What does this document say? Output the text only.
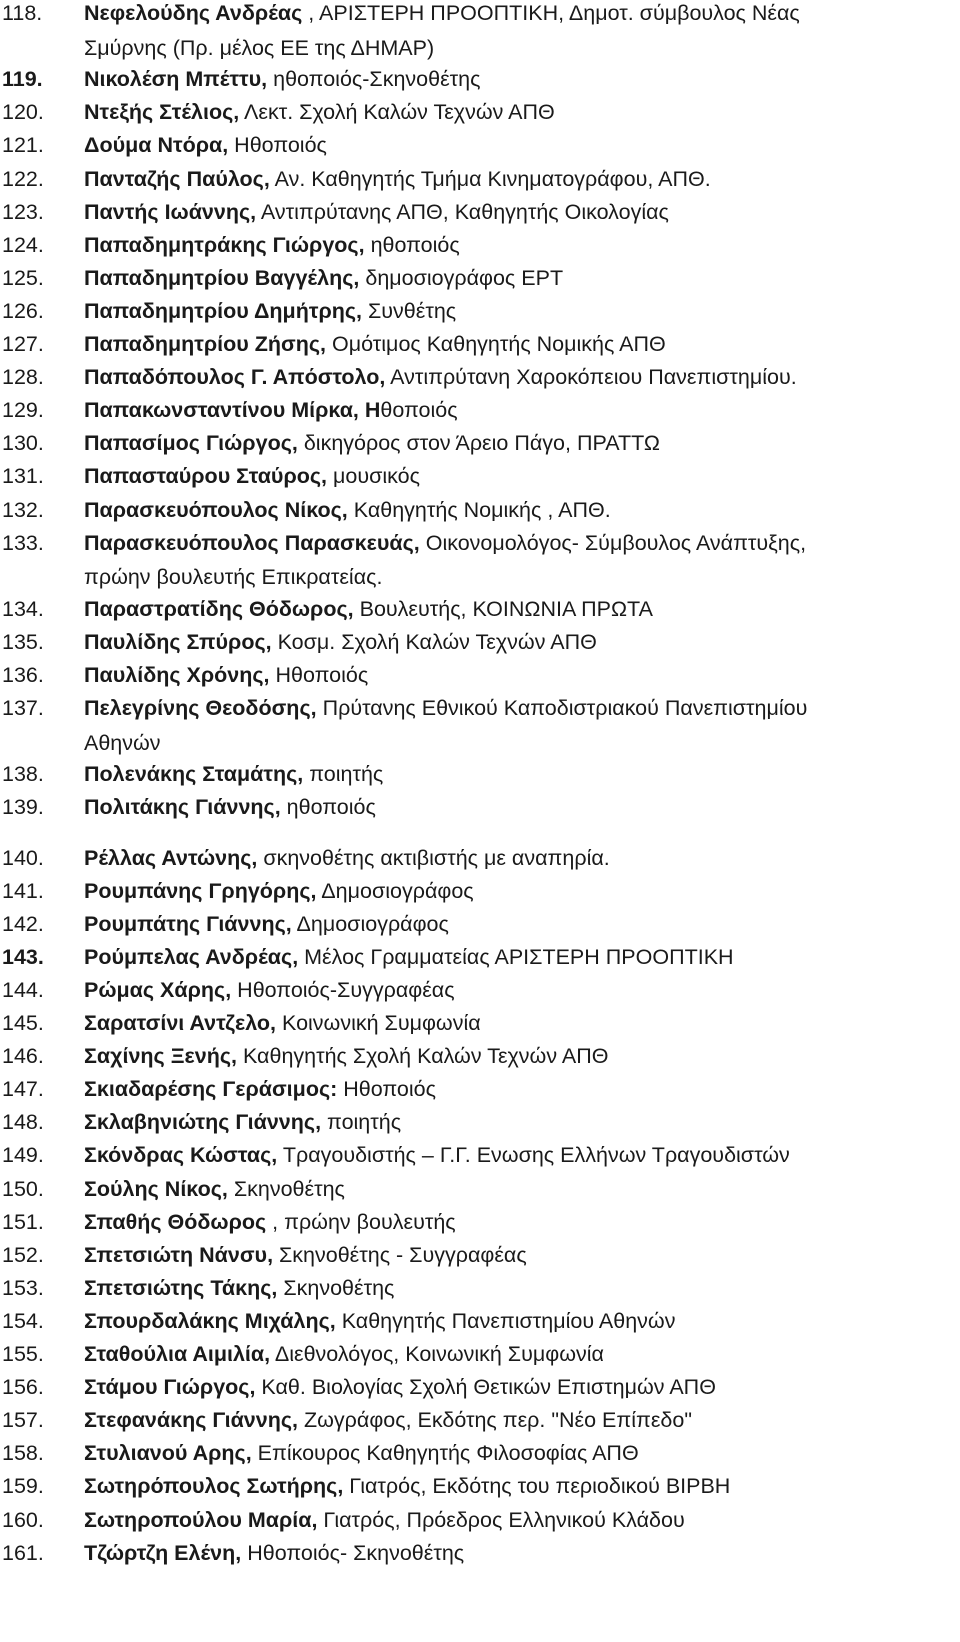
118.	Νεφελούδης Ανδρέας , ΑΡΙΣΤΕΡΗ ΠΡΟΟΠΤΙΚΗ, Δημοτ. σύμβουλος Νέας
Σμύρνης (Πρ. μέλος ΕΕ της ΔΗΜΑΡ)
119.	Νικολέση Μπέττυ, ηθοποιός-Σκηνοθέτης
120.	Ντεξής Στέλιος, Λεκτ. Σχολή Καλών Τεχνών ΑΠΘ
121.	Δούμα Ντόρα, Ηθοποιός
122.	Πανταζής Παύλος, Αν. Καθηγητής Τμήμα Κινηματογράφου, ΑΠΘ.
123.	Παντής Ιωάννης, Αντιπρύτανης ΑΠΘ, Καθηγητής Οικολογίας
124.	Παπαδημητράκης Γιώργος, ηθοποιός
125.	Παπαδημητρίου Βαγγέλης, δημοσιογράφος ΕΡΤ
126.	Παπαδημητρίου Δημήτρης, Συνθέτης
127.	Παπαδημητρίου Ζήσης, Ομότιμος Καθηγητής Νομικής ΑΠΘ
128.	Παπαδόπουλος Γ. Απόστολο, Αντιπρύτανη Χαροκόπειου Πανεπιστημίου.
129.	Παπακωνσταντίνου Μίρκα, Ηθοποιός
130.	Παπασίμος Γιώργος, δικηγόρος στον Άρειο Πάγο, ΠΡΑΤΤΩ
131.	Παπασταύρου Σταύρος, μουσικός
132.	Παρασκευόπουλος Νίκος, Καθηγητής Νομικής , ΑΠΘ.
133.	Παρασκευόπουλος Παρασκευάς, Οικονομολόγος- Σύμβουλος Ανάπτυξης,
πρώην βουλευτής Επικρατείας.
134.	Παραστρατίδης Θόδωρος, Βουλευτής, ΚΟΙΝΩΝΙΑ ΠΡΩΤΑ
135.	Παυλίδης Σπύρος, Κοσμ. Σχολή Καλών Τεχνών ΑΠΘ
136.	Παυλίδης Χρόνης, Ηθοποιός
137.	Πελεγρίνης Θεοδόσης, Πρύτανης Εθνικού Καποδιστριακού Πανεπιστημίου
Αθηνών
138.	Πολενάκης Σταμάτης, ποιητής
139.	Πολιτάκης Γιάννης, ηθοποιός
140.	Ρέλλας Αντώνης, σκηνοθέτης ακτιβιστής με αναπηρία.
141.	Ρουμπάνης Γρηγόρης, Δημοσιογράφος
142.	Ρουμπάτης Γιάννης, Δημοσιογράφος
143.	Ρούμπελας Ανδρέας, Μέλος Γραμματείας ΑΡΙΣΤΕΡΗ ΠΡΟΟΠΤΙΚΗ
144.	Ρώμας Χάρης, Ηθοποιός-Συγγραφέας
145.	Σαρατσίνι Αντζελο, Κοινωνική Συμφωνία
146.	Σαχίνης Ξενής, Καθηγητής Σχολή Καλών Τεχνών ΑΠΘ
147.	Σκιαδαρέσης Γεράσιμος: Ηθοποιός
148.	Σκλαβηνιώτης Γιάννης, ποιητής
149.	Σκόνδρας Κώστας, Τραγουδιστής – Γ.Γ. Ενωσης Ελλήνων Τραγουδιστών
150.	Σούλης Νίκος, Σκηνοθέτης
151.	Σπαθής Θόδωρος , πρώην βουλευτής
152.	Σπετσιώτη Νάνσυ, Σκηνοθέτης - Συγγραφέας
153.	Σπετσιώτης Τάκης, Σκηνοθέτης
154.	Σπουρδαλάκης Μιχάλης, Καθηγητής Πανεπιστημίου Αθηνών
155.	Σταθούλια Αιμιλία, Διεθνολόγος, Κοινωνική Συμφωνία
156.	Στάμου Γιώργος, Καθ. Βιολογίας Σχολή Θετικών Επιστημών ΑΠΘ
157.	Στεφανάκης Γιάννης, Ζωγράφος, Εκδότης περ. "Νέο Επίπεδο"
158.	Στυλιανού Αρης, Επίκουρος Καθηγητής Φιλοσοφίας ΑΠΘ
159.	Σωτηρόπουλος Σωτήρης, Γιατρός, Εκδότης του περιοδικού ΒΙΡΒΗ
160.	Σωτηροπούλου Μαρία, Γιατρός, Πρόεδρος Ελληνικού Κλάδου
161.	Τζώρτζη Ελένη, Ηθοποιός- Σκηνοθέτης
